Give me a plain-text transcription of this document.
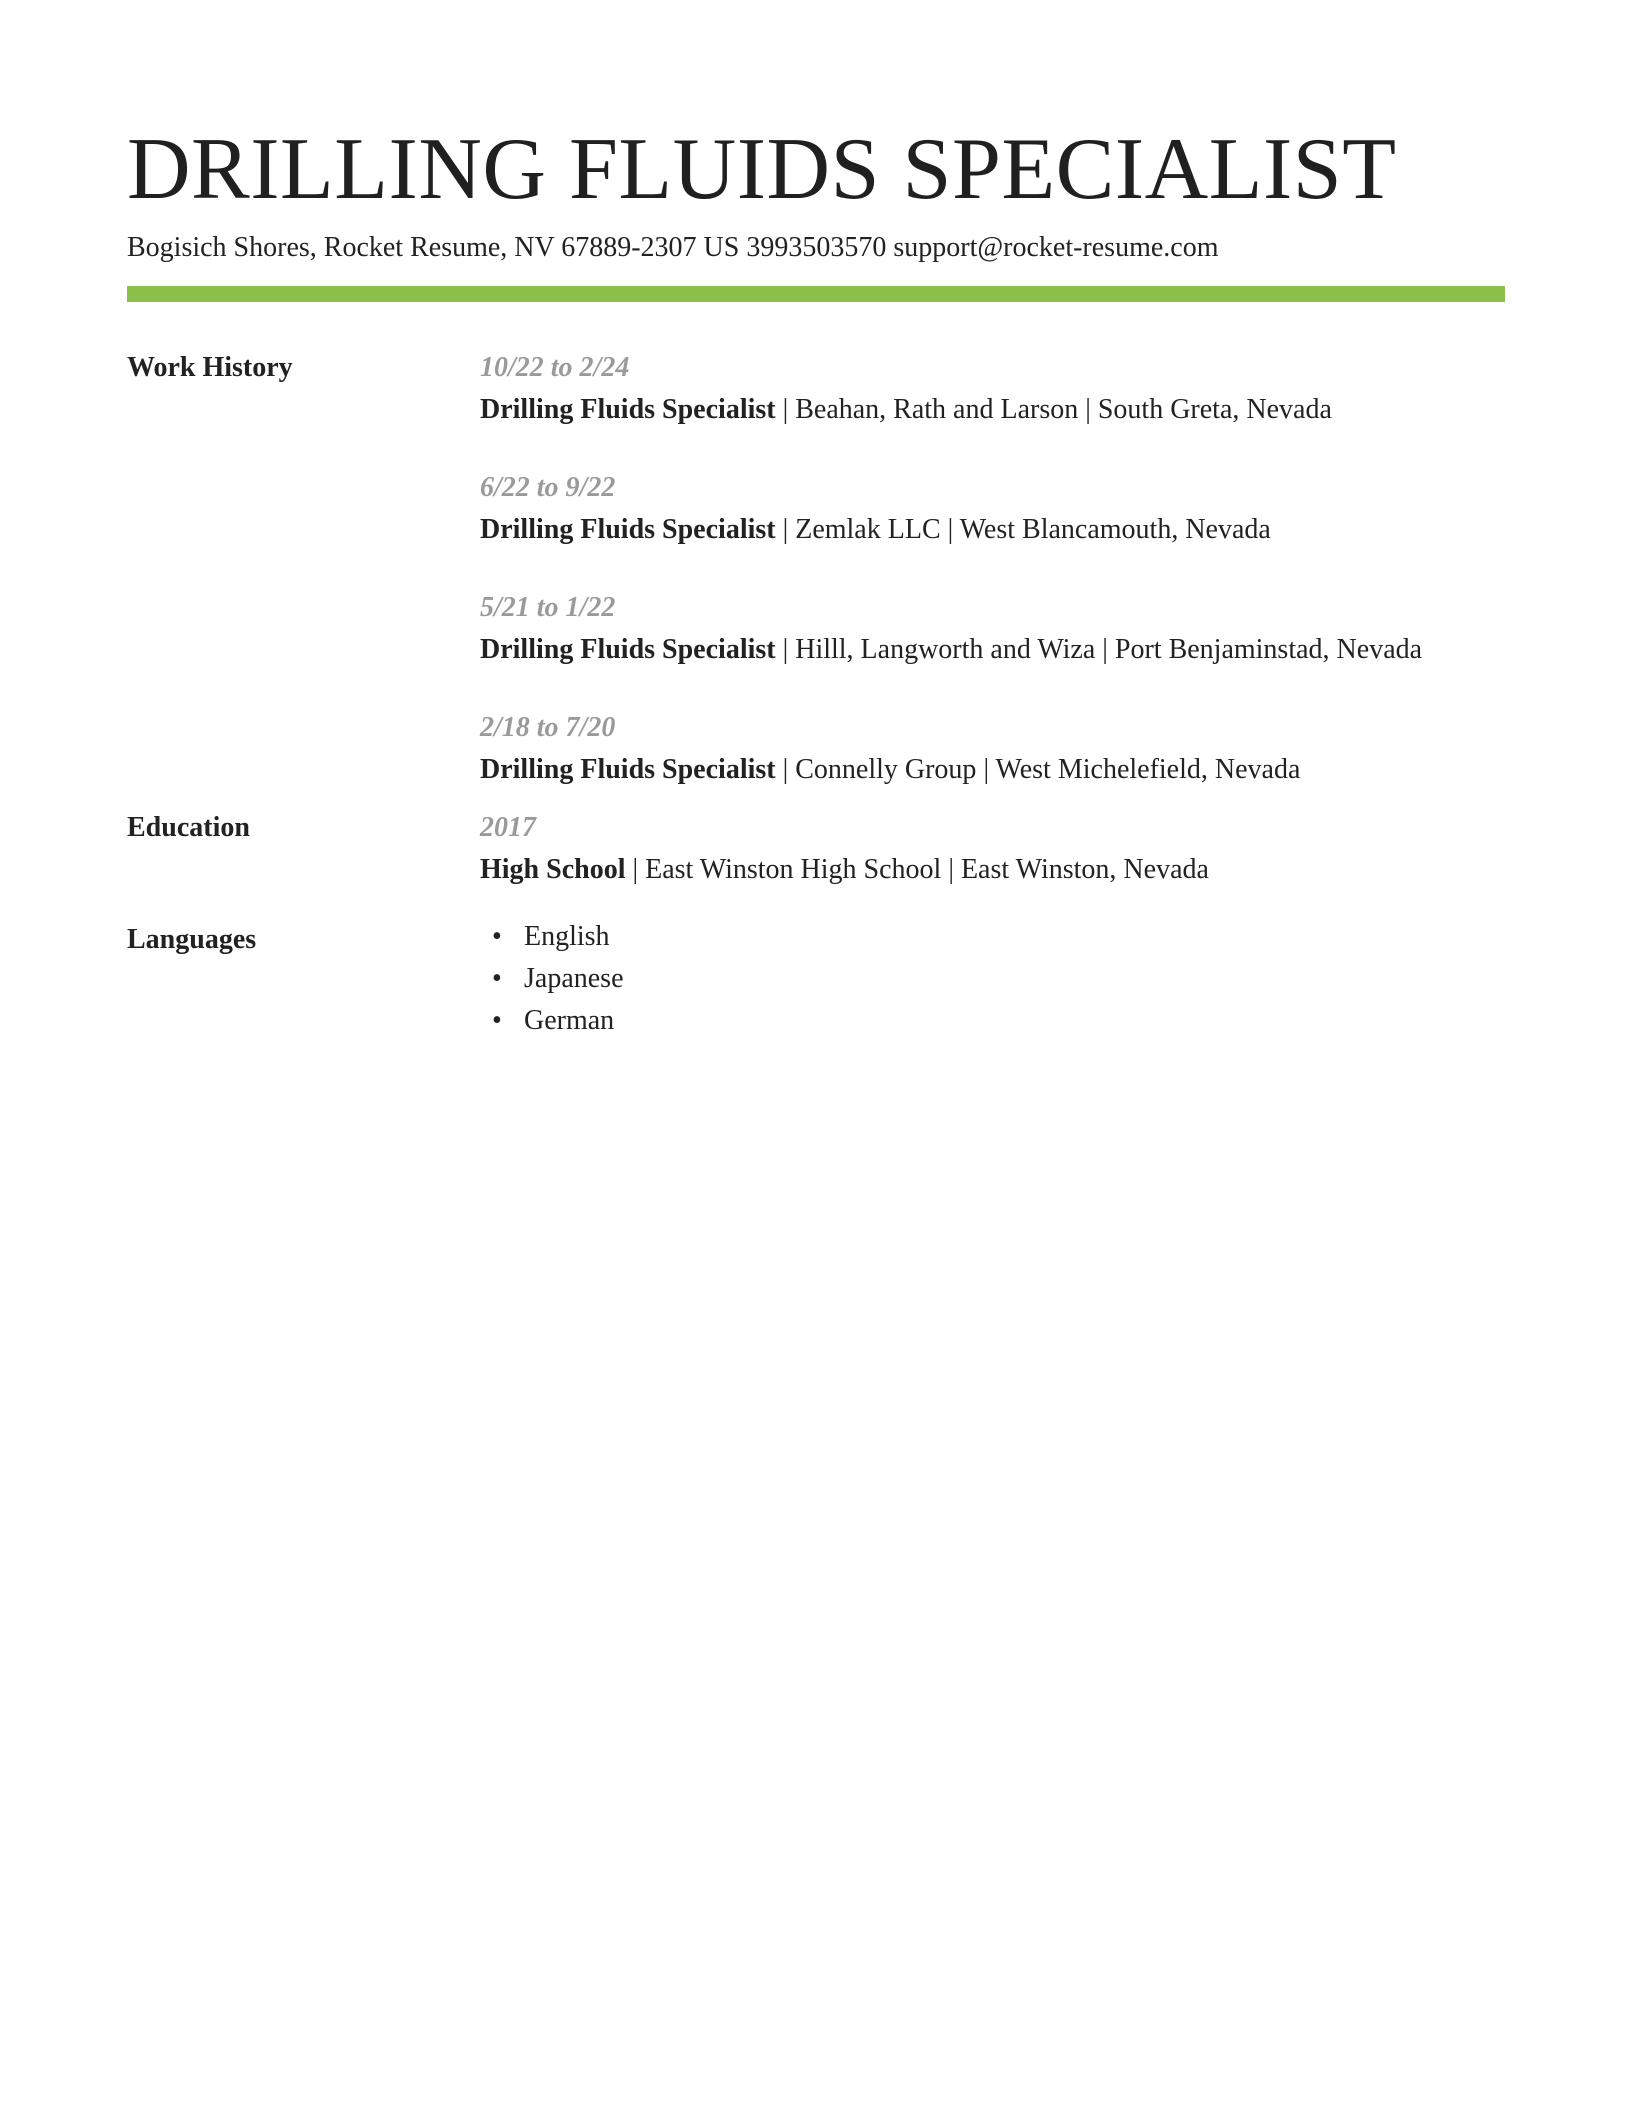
DRILLING FLUIDS SPECIALIST
Bogisich Shores, Rocket Resume, NV 67889-2307 US 3993503570 support@rocket-resume.com
Work History	10/22 to 2/24
Drilling Fluids Specialist | Beahan, Rath and Larson | South Greta, Nevada
6/22 to 9/22
Drilling Fluids Specialist | Zemlak LLC | West Blancamouth, Nevada
5/21 to 1/22
Drilling Fluids Specialist | Hilll, Langworth and Wiza | Port Benjaminstad, Nevada
2/18 to 7/20
Drilling Fluids Specialist | Connelly Group | West Michelefield, Nevada
Education	2017
High School | East Winston High School | East Winston, Nevada
Languages	• English
• Japanese
• German
